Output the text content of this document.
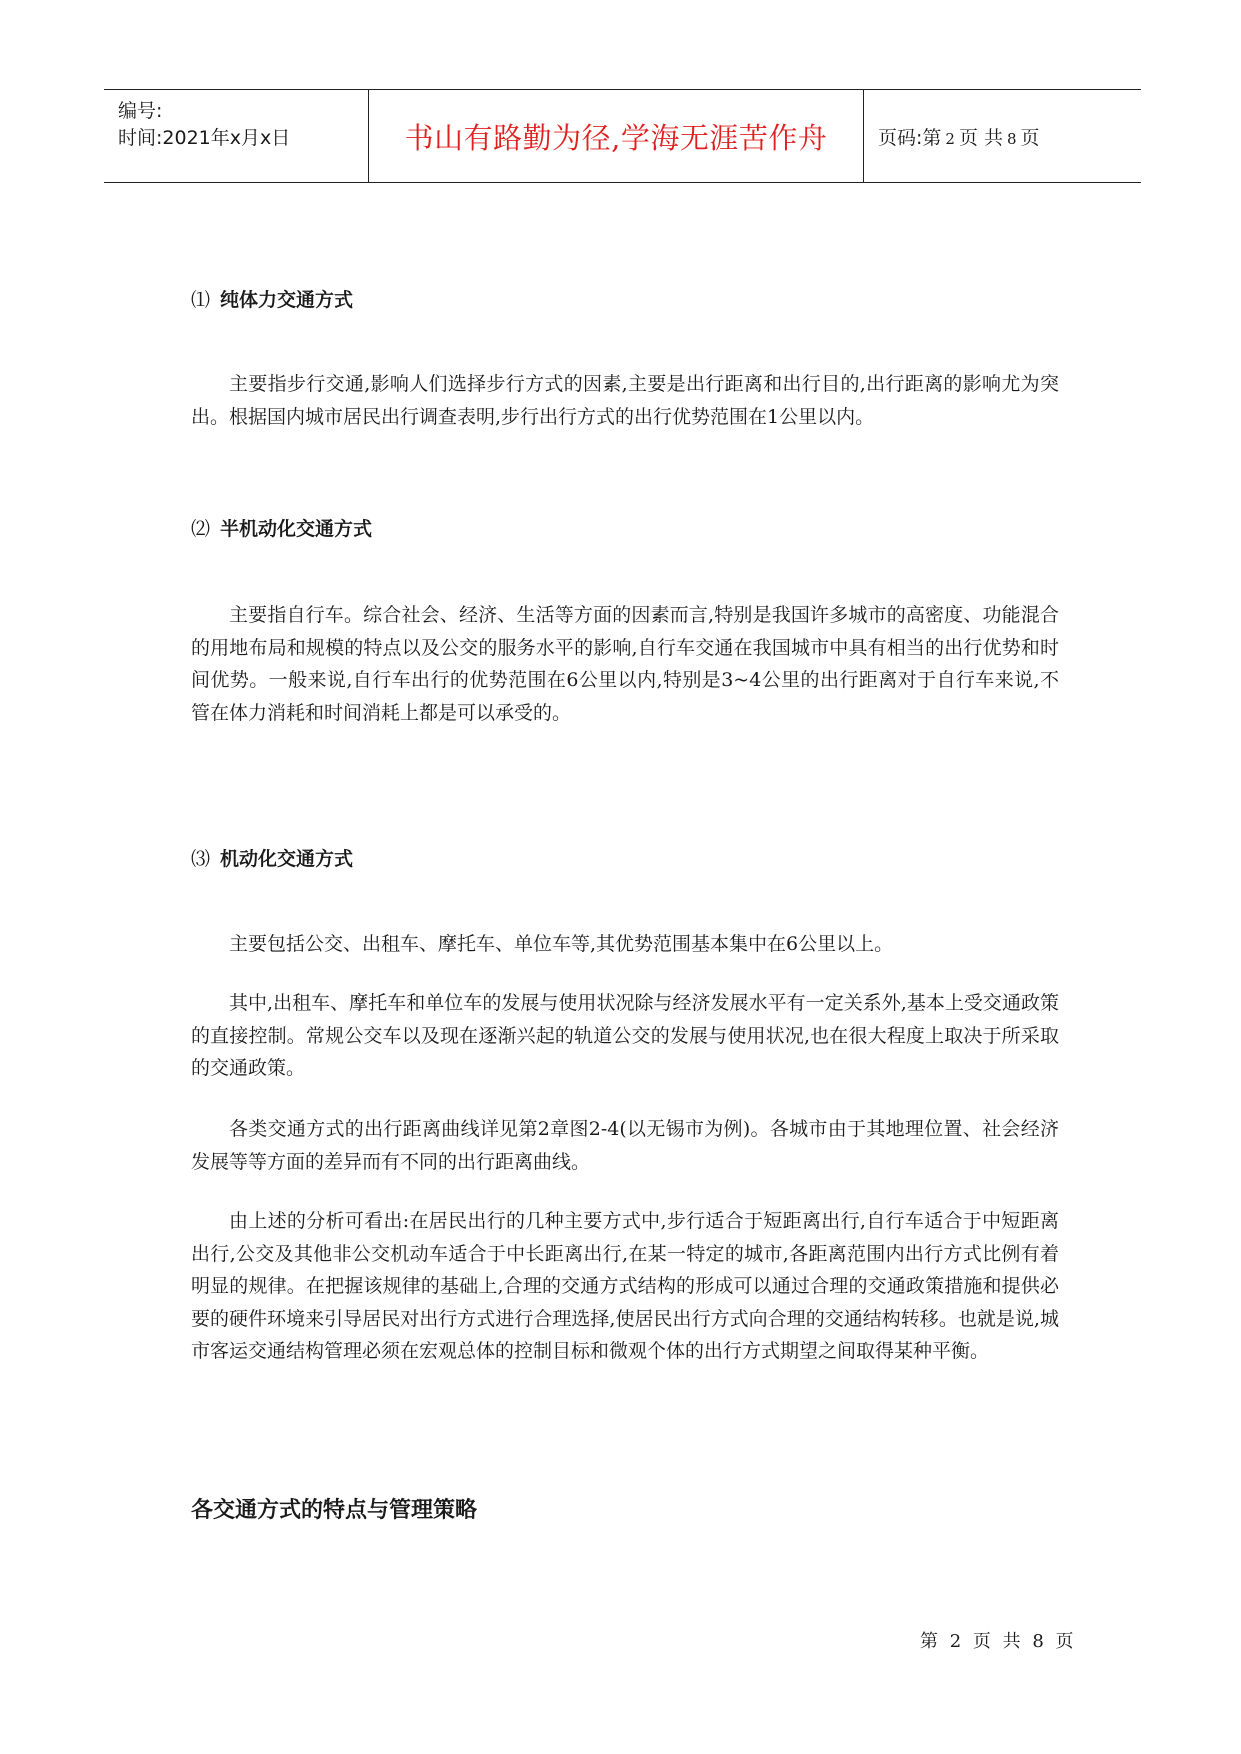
编号:
时间:2021年x月x日	书山有路勤为径,学海无涯苦作舟	页码:第 2 页 共 8 页
⑴ 纯体力交通方式

主要指步行交通,影响人们选择步行方式的因素,主要是出行距离和出行目的,出行距离的影响尤为突出。根据国内城市居民出行调查表明,步行出行方式的出行优势范围在1公里以内。

⑵ 半机动化交通方式

主要指自行车。综合社会、经济、生活等方面的因素而言,特别是我国许多城市的高密度、功能混合的用地布局和规模的特点以及公交的服务水平的影响,自行车交通在我国城市中具有相当的出行优势和时间优势。一般来说,自行车出行的优势范围在6公里以内,特别是3~4公里的出行距离对于自行车来说,不管在体力消耗和时间消耗上都是可以承受的。

⑶ 机动化交通方式

主要包括公交、出租车、摩托车、单位车等,其优势范围基本集中在6公里以上。

其中,出租车、摩托车和单位车的发展与使用状况除与经济发展水平有一定关系外,基本上受交通政策的直接控制。常规公交车以及现在逐渐兴起的轨道公交的发展与使用状况,也在很大程度上取决于所采取的交通政策。

各类交通方式的出行距离曲线详见第2章图2-4(以无锡市为例)。各城市由于其地理位置、社会经济发展等等方面的差异而有不同的出行距离曲线。

由上述的分析可看出:在居民出行的几种主要方式中,步行适合于短距离出行,自行车适合于中短距离出行,公交及其他非公交机动车适合于中长距离出行,在某一特定的城市,各距离范围内出行方式比例有着明显的规律。在把握该规律的基础上,合理的交通方式结构的形成可以通过合理的交通政策措施和提供必要的硬件环境来引导居民对出行方式进行合理选择,使居民出行方式向合理的交通结构转移。也就是说,城市客运交通结构管理必须在宏观总体的控制目标和微观个体的出行方式期望之间取得某种平衡。

各交通方式的特点与管理策略
第 2 页 共 8 页
